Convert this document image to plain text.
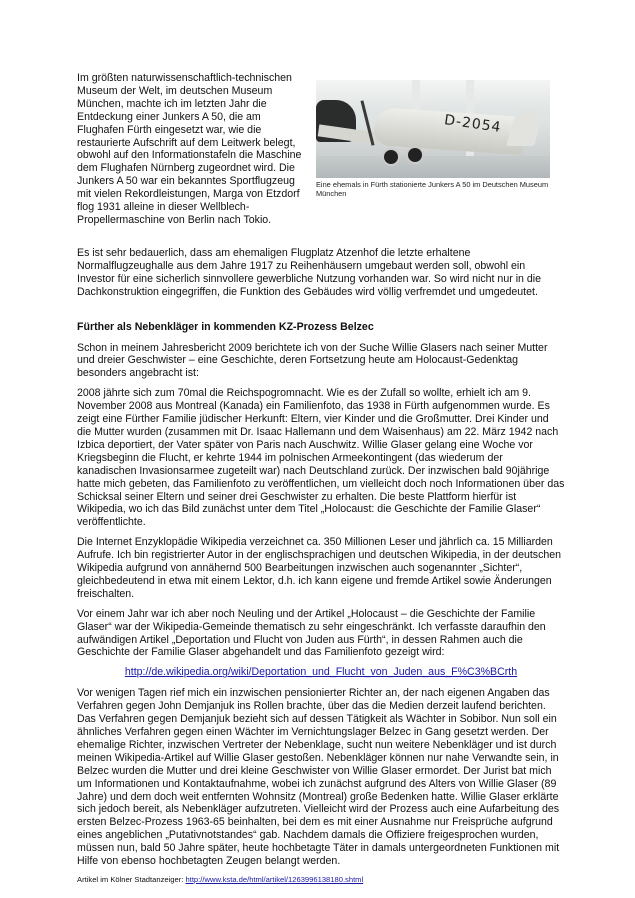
Im größten naturwissenschaftlich-technischen Museum der Welt, im deutschen Museum München, machte ich im letzten Jahr die Entdeckung einer Junkers A 50, die am Flughafen Fürth eingesetzt war, wie die restaurierte Aufschrift auf dem Leitwerk belegt, obwohl auf den Informationstafeln die Maschine dem Flughafen Nürnberg zugeordnet wird. Die Junkers A 50 war ein bekanntes Sportflugzeug mit vielen Rekordleistungen, Marga von Etzdorf flog 1931 alleine in dieser Wellblech-Propellermaschine von Berlin nach Tokio.

D-2054
Eine ehemals in Fürth stationierte Junkers A 50 im Deutschen Museum München

Es ist sehr bedauerlich, dass am ehemaligen Flugplatz Atzenhof die letzte erhaltene Normalflugzeughalle aus dem Jahre 1917 zu Reihenhäusern umgebaut werden soll, obwohl ein Investor für eine sicherlich sinnvollere gewerbliche Nutzung vorhanden war. So wird nicht nur in die Dachkonstruktion eingegriffen, die Funktion des Gebäudes wird völlig verfremdet und umgedeutet.

Fürther als Nebenkläger in kommenden KZ-Prozess Belzec

Schon in meinem Jahresbericht 2009 berichtete ich von der Suche Willie Glasers nach seiner Mutter und dreier Geschwister – eine Geschichte, deren Fortsetzung heute am Holocaust-Gedenktag besonders angebracht ist:

2008 jährte sich zum 70mal die Reichspogromnacht. Wie es der Zufall so wollte, erhielt ich am 9. November 2008 aus Montreal (Kanada) ein Familienfoto, das 1938 in Fürth aufgenommen wurde. Es zeigt eine Fürther Familie jüdischer Herkunft: Eltern, vier Kinder und die Großmutter. Drei Kinder und die Mutter wurden (zusammen mit Dr. Isaac Hallemann und dem Waisenhaus) am 22. März 1942 nach Izbica deportiert, der Vater später von Paris nach Auschwitz. Willie Glaser gelang eine Woche vor Kriegsbeginn die Flucht, er kehrte 1944 im polnischen Armeekontingent (das wiederum der kanadischen Invasionsarmee zugeteilt war) nach Deutschland zurück. Der inzwischen bald 90jährige hatte mich gebeten, das Familienfoto zu veröffentlichen, um vielleicht doch noch Informationen über das Schicksal seiner Eltern und seiner drei Geschwister zu erhalten. Die beste Plattform hierfür ist Wikipedia, wo ich das Bild zunächst unter dem Titel „Holocaust: die Geschichte der Familie Glaser“ veröffentlichte.

Die Internet Enzyklopädie Wikipedia verzeichnet ca. 350 Millionen Leser und jährlich ca. 15 Milliarden Aufrufe. Ich bin registrierter Autor in der englischsprachigen und deutschen Wikipedia, in der deutschen Wikipedia aufgrund von annähernd 500 Bearbeitungen inzwischen auch sogenannter „Sichter“, gleichbedeutend in etwa mit einem Lektor, d.h. ich kann eigene und fremde Artikel sowie Änderungen freischalten.

Vor einem Jahr war ich aber noch Neuling und der Artikel „Holocaust – die Geschichte der Familie Glaser“ war der Wikipedia-Gemeinde thematisch zu sehr eingeschränkt. Ich verfasste daraufhin den aufwändigen Artikel „Deportation und Flucht von Juden aus Fürth“, in dessen Rahmen auch die Geschichte der Familie Glaser abgehandelt und das Familienfoto gezeigt wird:

http://de.wikipedia.org/wiki/Deportation_und_Flucht_von_Juden_aus_F%C3%BCrth

Vor wenigen Tagen rief mich ein inzwischen pensionierter Richter an, der nach eigenen Angaben das Verfahren gegen John Demjanjuk ins Rollen brachte, über das die Medien derzeit laufend berichten. Das Verfahren gegen Demjanjuk bezieht sich auf dessen Tätigkeit als Wächter in Sobibor. Nun soll ein ähnliches Verfahren gegen einen Wächter im Vernichtungslager Belzec in Gang gesetzt werden. Der ehemalige Richter, inzwischen Vertreter der Nebenklage, sucht nun weitere Nebenkläger und ist durch meinen Wikipedia-Artikel auf Willie Glaser gestoßen. Nebenkläger können nur nahe Verwandte sein, in Belzec wurden die Mutter und drei kleine Geschwister von Willie Glaser ermordet. Der Jurist bat mich um Informationen und Kontaktaufnahme, wobei ich zunächst aufgrund des Alters von Willie Glaser (89 Jahre) und dem doch weit entfernten Wohnsitz (Montreal) große Bedenken hatte. Willie Glaser erklärte sich jedoch bereit, als Nebenkläger aufzutreten. Vielleicht wird der Prozess auch eine Aufarbeitung des ersten Belzec-Prozess 1963-65 beinhalten, bei dem es mit einer Ausnahme nur Freisprüche aufgrund eines angeblichen „Putativnotstandes“ gab. Nachdem damals die Offiziere freigesprochen wurden, müssen nun, bald 50 Jahre später, heute hochbetagte Täter in damals untergeordneten Funktionen mit Hilfe von ebenso hochbetagten Zeugen belangt werden.

Artikel im Kölner Stadtanzeiger: http://www.ksta.de/html/artikel/1263996138180.shtml
